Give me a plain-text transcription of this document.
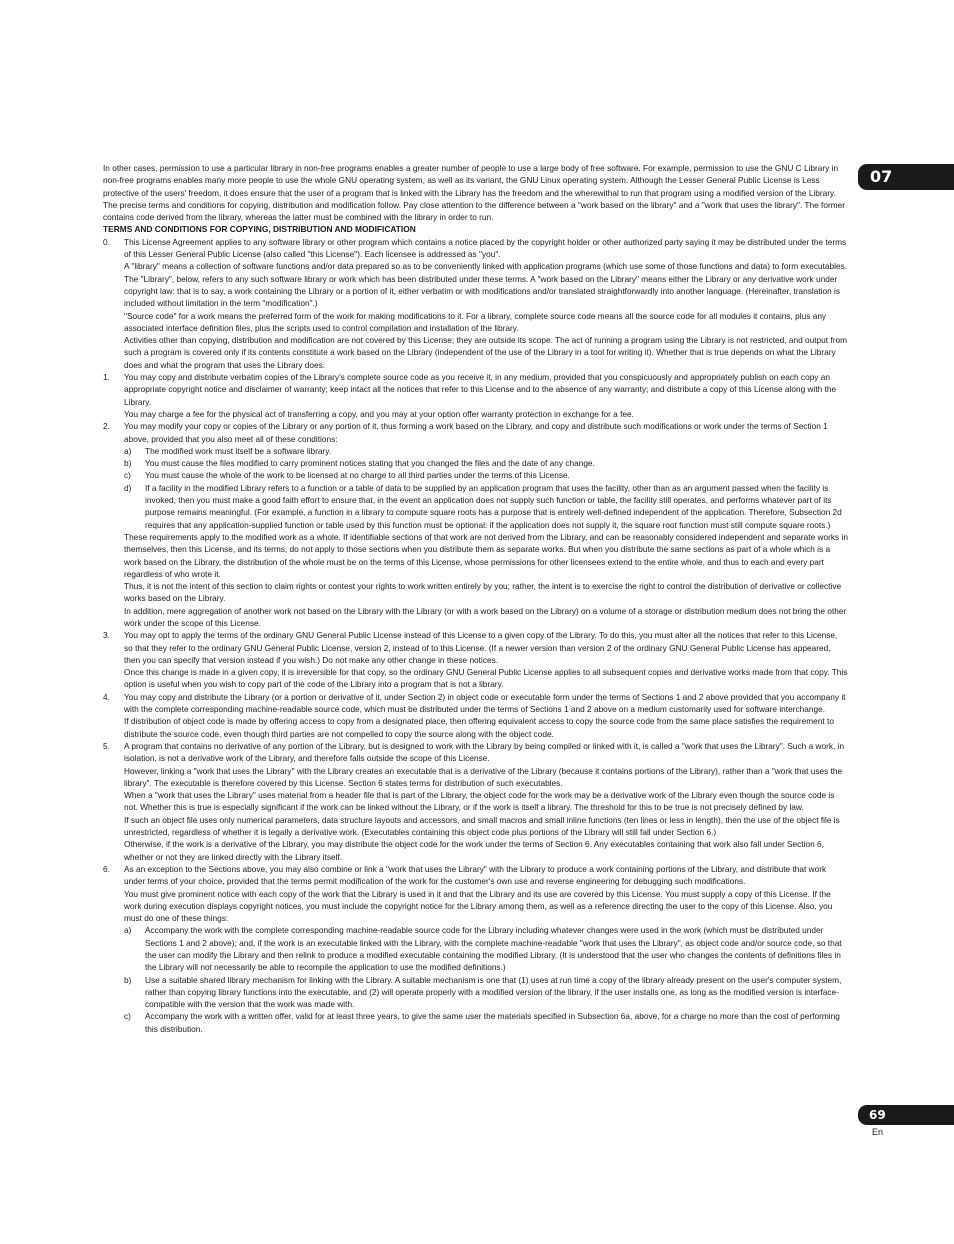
07

In other cases, permission to use a particular library in non-free programs enables a greater number of people to use a large body of free software. For example, permission to use the GNU C Library in non-free programs enables many more people to use the whole GNU operating system, as well as its variant, the GNU Linux operating system. Although the Lesser General Public License is Less protective of the users' freedom, it does ensure that the user of a program that is linked with the Library has the freedom and the wherewithal to run that program using a modified version of the Library.

The precise terms and conditions for copying, distribution and modification follow. Pay close attention to the difference between a "work based on the library" and a "work that uses the library". The former contains code derived from the library, whereas the latter must be combined with the library in order to run.

TERMS AND CONDITIONS FOR COPYING, DISTRIBUTION AND MODIFICATION
0. This License Agreement applies to any software library or other program which contains a notice placed by the copyright holder or other authorized party saying it may be distributed under the terms of this Lesser General Public License (also called "this License"). Each licensee is addressed as "you".

A "library" means a collection of software functions and/or data prepared so as to be conveniently linked with application programs (which use some of those functions and data) to form executables.

The "Library", below, refers to any such software library or work which has been distributed under these terms. A "work based on the Library" means either the Library or any derivative work under copyright law: that is to say, a work containing the Library or a portion of it, either verbatim or with modifications and/or translated straightforwardly into another language. (Hereinafter, translation is included without limitation in the term "modification".)

"Source code" for a work means the preferred form of the work for making modifications to it. For a library, complete source code means all the source code for all modules it contains, plus any associated interface definition files, plus the scripts used to control compilation and installation of the library.

Activities other than copying, distribution and modification are not covered by this License; they are outside its scope. The act of running a program using the Library is not restricted, and output from such a program is covered only if its contents constitute a work based on the Library (independent of the use of the Library in a tool for writing it). Whether that is true depends on what the Library does and what the program that uses the Library does.

1. You may copy and distribute verbatim copies of the Library's complete source code as you receive it, in any medium, provided that you conspicuously and appropriately publish on each copy an appropriate copyright notice and disclaimer of warranty; keep intact all the notices that refer to this License and to the absence of any warranty; and distribute a copy of this License along with the Library.

You may charge a fee for the physical act of transferring a copy, and you may at your option offer warranty protection in exchange for a fee.

2. You may modify your copy or copies of the Library or any portion of it, thus forming a work based on the Library, and copy and distribute such modifications or work under the terms of Section 1 above, provided that you also meet all of these conditions:

a) The modified work must itself be a software library.

b) You must cause the files modified to carry prominent notices stating that you changed the files and the date of any change.

c) You must cause the whole of the work to be licensed at no charge to all third parties under the terms of this License.

d) If a facility in the modified Library refers to a function or a table of data to be supplied by an application program that uses the facility, other than as an argument passed when the facility is invoked, then you must make a good faith effort to ensure that, in the event an application does not supply such function or table, the facility still operates, and performs whatever part of its purpose remains meaningful. (For example, a function in a library to compute square roots has a purpose that is entirely well-defined independent of the application. Therefore, Subsection 2d requires that any application-supplied function or table used by this function must be optional: if the application does not supply it, the square root function must still compute square roots.)

These requirements apply to the modified work as a whole. If identifiable sections of that work are not derived from the Library, and can be reasonably considered independent and separate works in themselves, then this License, and its terms, do not apply to those sections when you distribute them as separate works. But when you distribute the same sections as part of a whole which is a work based on the Library, the distribution of the whole must be on the terms of this License, whose permissions for other licensees extend to the entire whole, and thus to each and every part regardless of who wrote it.

Thus, it is not the intent of this section to claim rights or contest your rights to work written entirely by you; rather, the intent is to exercise the right to control the distribution of derivative or collective works based on the Library.

In addition, mere aggregation of another work not based on the Library with the Library (or with a work based on the Library) on a volume of a storage or distribution medium does not bring the other work under the scope of this License.

3. You may opt to apply the terms of the ordinary GNU General Public License instead of this License to a given copy of the Library. To do this, you must alter all the notices that refer to this License, so that they refer to the ordinary GNU General Public License, version 2, instead of to this License. (If a newer version than version 2 of the ordinary GNU General Public License has appeared, then you can specify that version instead if you wish.) Do not make any other change in these notices.

Once this change is made in a given copy, it is irreversible for that copy, so the ordinary GNU General Public License applies to all subsequent copies and derivative works made from that copy. This option is useful when you wish to copy part of the code of the Library into a program that is not a library.

4. You may copy and distribute the Library (or a portion or derivative of it, under Section 2) in object code or executable form under the terms of Sections 1 and 2 above provided that you accompany it with the complete corresponding machine-readable source code, which must be distributed under the terms of Sections 1 and 2 above on a medium customarily used for software interchange.

If distribution of object code is made by offering access to copy from a designated place, then offering equivalent access to copy the source code from the same place satisfies the requirement to distribute the source code, even though third parties are not compelled to copy the source along with the object code.

5. A program that contains no derivative of any portion of the Library, but is designed to work with the Library by being compiled or linked with it, is called a "work that uses the Library". Such a work, in isolation, is not a derivative work of the Library, and therefore falls outside the scope of this License.

However, linking a "work that uses the Library" with the Library creates an executable that is a derivative of the Library (because it contains portions of the Library), rather than a "work that uses the library". The executable is therefore covered by this License. Section 6 states terms for distribution of such executables.

When a "work that uses the Library" uses material from a header file that is part of the Library, the object code for the work may be a derivative work of the Library even though the source code is not. Whether this is true is especially significant if the work can be linked without the Library, or if the work is itself a library. The threshold for this to be true is not precisely defined by law.

If such an object file uses only numerical parameters, data structure layouts and accessors, and small macros and small inline functions (ten lines or less in length), then the use of the object file is unrestricted, regardless of whether it is legally a derivative work. (Executables containing this object code plus portions of the Library will still fall under Section 6.)

Otherwise, if the work is a derivative of the Library, you may distribute the object code for the work under the terms of Section 6. Any executables containing that work also fall under Section 6, whether or not they are linked directly with the Library itself.

6. As an exception to the Sections above, you may also combine or link a "work that uses the Library" with the Library to produce a work containing portions of the Library, and distribute that work under terms of your choice, provided that the terms permit modification of the work for the customer's own use and reverse engineering for debugging such modifications.

You must give prominent notice with each copy of the work that the Library is used in it and that the Library and its use are covered by this License. You must supply a copy of this License. If the work during execution displays copyright notices, you must include the copyright notice for the Library among them, as well as a reference directing the user to the copy of this License. Also, you must do one of these things:

a) Accompany the work with the complete corresponding machine-readable source code for the Library including whatever changes were used in the work (which must be distributed under Sections 1 and 2 above); and, if the work is an executable linked with the Library, with the complete machine-readable "work that uses the Library", as object code and/or source code, so that the user can modify the Library and then relink to produce a modified executable containing the modified Library. (It is understood that the user who changes the contents of definitions files in the Library will not necessarily be able to recompile the application to use the modified definitions.)

b) Use a suitable shared library mechanism for linking with the Library. A suitable mechanism is one that (1) uses at run time a copy of the library already present on the user's computer system, rather than copying library functions into the executable, and (2) will operate properly with a modified version of the library, if the user installs one, as long as the modified version is interface-compatible with the version that the work was made with.

c) Accompany the work with a written offer, valid for at least three years, to give the same user the materials specified in Subsection 6a, above, for a charge no more than the cost of performing this distribution.

69
En
